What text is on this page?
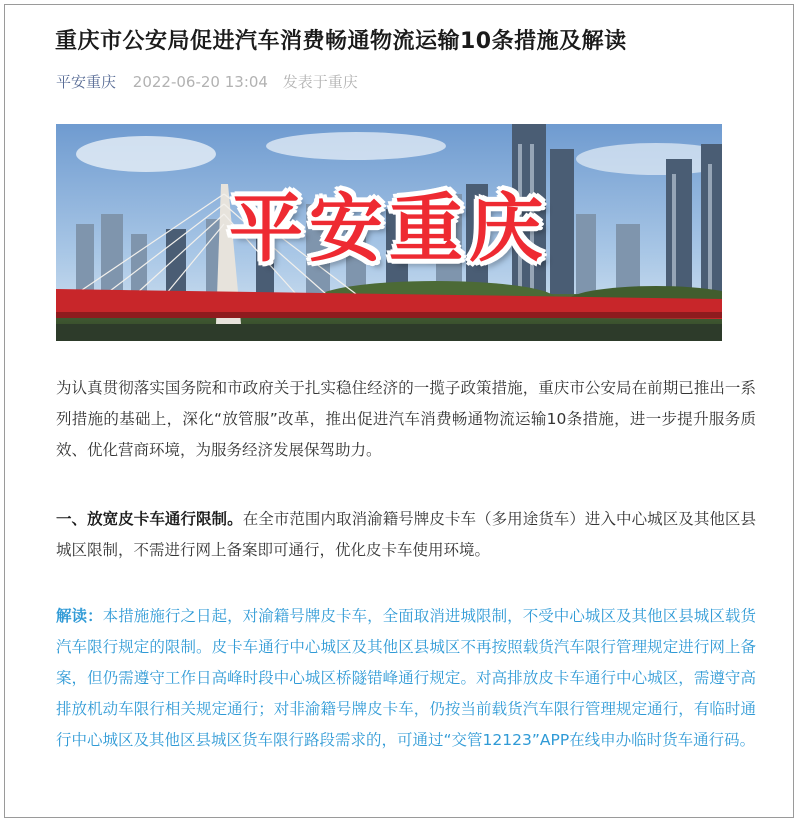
重庆市公安局促进汽车消费畅通物流运输10条措施及解读
平安重庆 2022-06-20 13:04 发表于重庆
平安重庆

为认真贯彻落实国务院和市政府关于扎实稳住经济的一揽子政策措施，重庆市公安局在前期已推出一系列措施的基础上，深化“放管服”改革，推出促进汽车消费畅通物流运输10条措施，进一步提升服务质效、优化营商环境，为服务经济发展保驾助力。

一、放宽皮卡车通行限制。在全市范围内取消渝籍号牌皮卡车（多用途货车）进入中心城区及其他区县城区限制，不需进行网上备案即可通行，优化皮卡车使用环境。

解读：本措施施行之日起，对渝籍号牌皮卡车，全面取消进城限制，不受中心城区及其他区县城区载货汽车限行规定的限制。皮卡车通行中心城区及其他区县城区不再按照载货汽车限行管理规定进行网上备案，但仍需遵守工作日高峰时段中心城区桥隧错峰通行规定。对高排放皮卡车通行中心城区，需遵守高排放机动车限行相关规定通行；对非渝籍号牌皮卡车，仍按当前载货汽车限行管理规定通行，有临时通行中心城区及其他区县城区货车限行路段需求的，可通过“交管12123”APP在线申办临时货车通行码。
